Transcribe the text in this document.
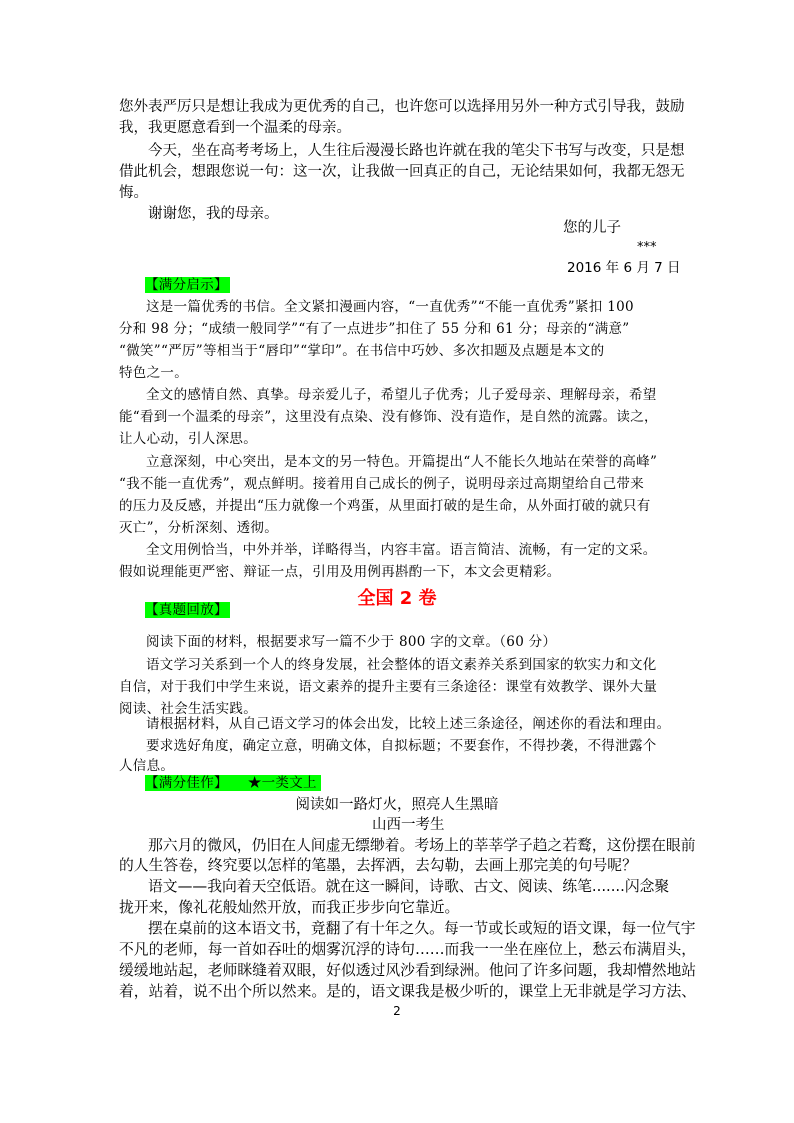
您外表严厉只是想让我成为更优秀的自己，也许您可以选择用另外一种方式引导我，鼓励
我，我更愿意看到一个温柔的母亲。
今天，坐在高考考场上，人生往后漫漫长路也许就在我的笔尖下书写与改变，只是想
借此机会，想跟您说一句：这一次，让我做一回真正的自己，无论结果如何，我都无怨无
悔。
谢谢您，我的母亲。
您的儿子
***
2016 年 6 月 7 日
【满分启示】
这是一篇优秀的书信。全文紧扣漫画内容，“一直优秀”“不能一直优秀”紧扣 100
分和 98 分；“成绩一般同学”“有了一点进步”扣住了 55 分和 61 分；母亲的“满意”
“微笑”“严厉”等相当于“唇印”“掌印”。在书信中巧妙、多次扣题及点题是本文的
特色之一。
全文的感情自然、真挚。母亲爱儿子，希望儿子优秀；儿子爱母亲、理解母亲，希望
能“看到一个温柔的母亲”，这里没有点染、没有修饰、没有造作，是自然的流露。读之，
让人心动，引人深思。
立意深刻，中心突出，是本文的另一特色。开篇提出“人不能长久地站在荣誉的高峰”
“我不能一直优秀”，观点鲜明。接着用自己成长的例子，说明母亲过高期望给自己带来
的压力及反感，并提出“压力就像一个鸡蛋，从里面打破的是生命，从外面打破的就只有
灭亡”，分析深刻、透彻。
全文用例恰当，中外并举，详略得当，内容丰富。语言简洁、流畅，有一定的文采。
假如说理能更严密、辩证一点，引用及用例再斟酌一下，本文会更精彩。
全国 2 卷
【真题回放】
阅读下面的材料，根据要求写一篇不少于 800 字的文章。（60 分）
语文学习关系到一个人的终身发展，社会整体的语文素养关系到国家的软实力和文化
自信，对于我们中学生来说，语文素养的提升主要有三条途径：课堂有效教学、课外大量
阅读、社会生活实践。
请根据材料，从自己语文学习的体会出发，比较上述三条途径，阐述你的看法和理由。
要求选好角度，确定立意，明确文体，自拟标题；不要套作，不得抄袭，不得泄露个
人信息。
【满分佳作】 ★一类文上
阅读如一路灯火，照亮人生黑暗
山西一考生
那六月的微风，仍旧在人间虚无缥缈着。考场上的莘莘学子趋之若鹜，这份摆在眼前
的人生答卷，终究要以怎样的笔墨，去挥洒，去勾勒，去画上那完美的句号呢？
语文——我向着天空低语。就在这一瞬间，诗歌、古文、阅读、练笔.......闪念聚
拢开来，像礼花般灿然开放，而我正步步向它靠近。
摆在桌前的这本语文书，竟翻了有十年之久。每一节或长或短的语文课，每一位气宇
不凡的老师，每一首如吞吐的烟雾沉浮的诗句……而我一一坐在座位上，愁云布满眉头，
缓缓地站起，老师眯缝着双眼，好似透过风沙看到绿洲。他问了许多问题，我却懵然地站
着，站着，说不出个所以然来。是的，语文课我是极少听的，课堂上无非就是学习方法、
2
